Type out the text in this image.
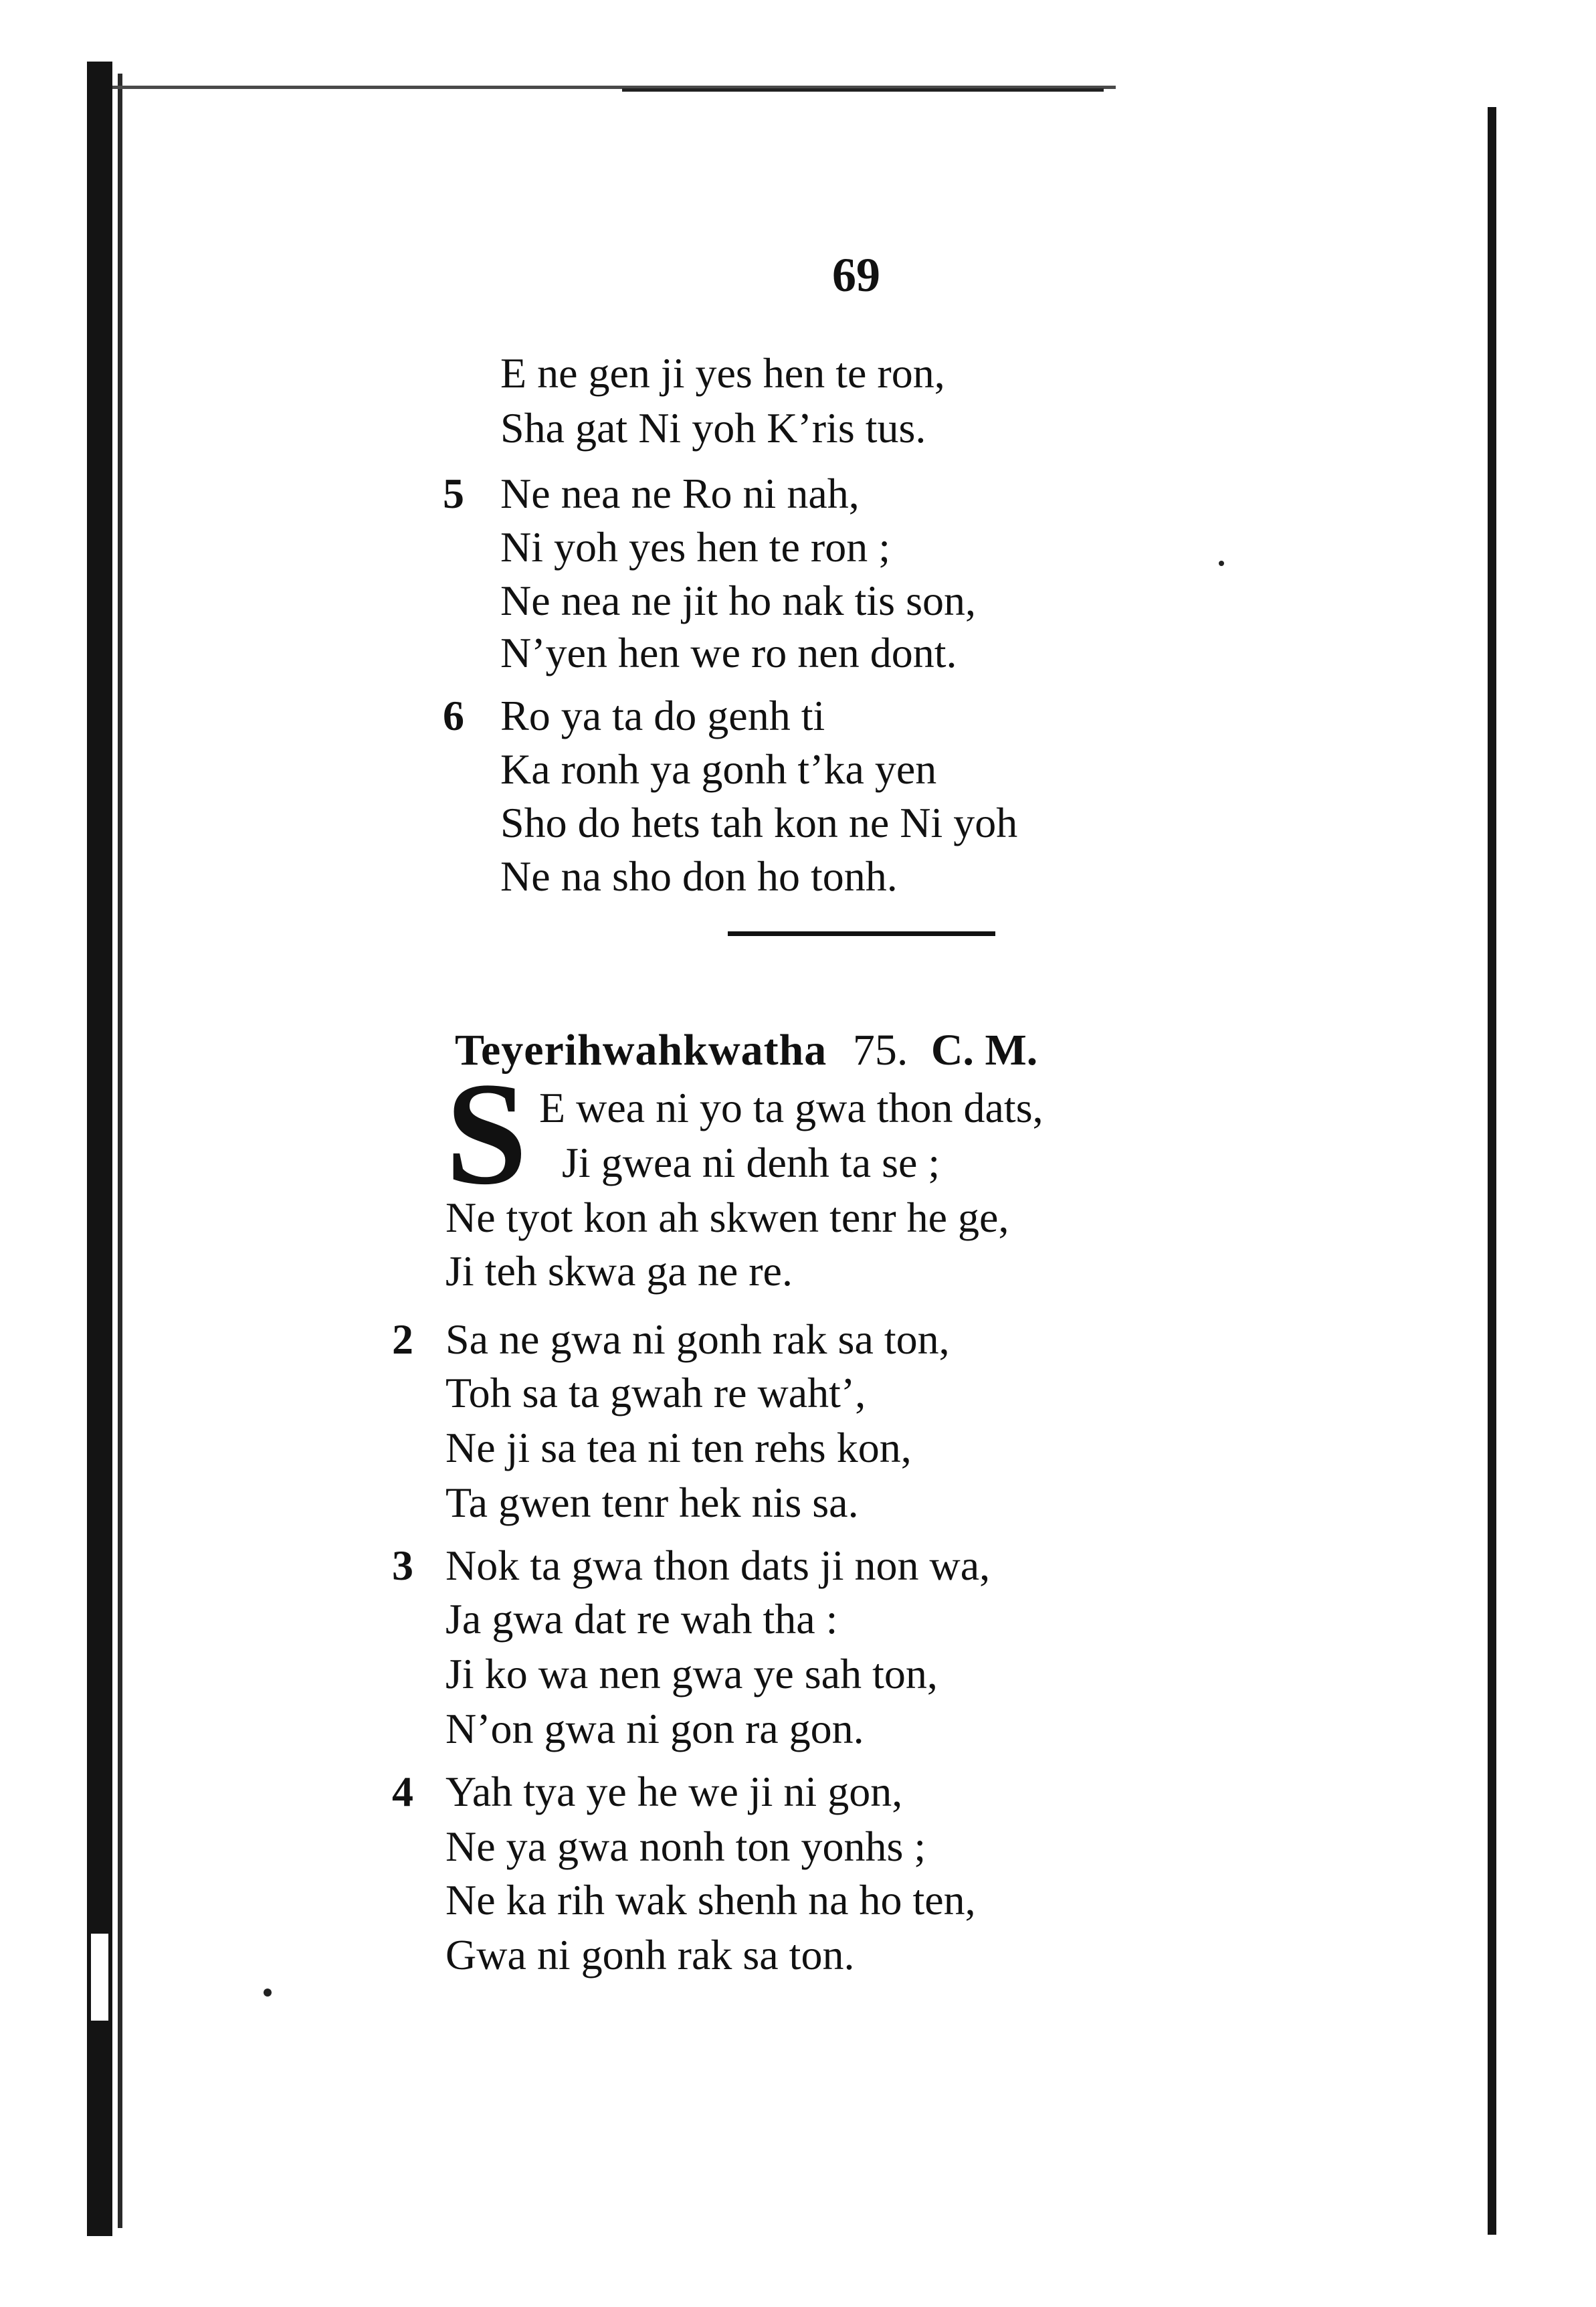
69
E ne gen ji yes hen te ron,
Sha gat Ni yoh K’ris tus.
5 Ne nea ne Ro ni nah,
Ni yoh yes hen te ron ;
Ne nea ne jit ho nak tis son,
N’yen hen we ro nen dont.
6 Ro ya ta do genh ti
Ka ronh ya gonh t’ka yen
Sho do hets tah kon ne Ni yoh
Ne na sho don ho tonh.
Teyerihwahkwatha 75. C. M.
S E wea ni yo ta gwa thon dats,
Ji gwea ni denh ta se ;
Ne tyot kon ah skwen tenr he ge,
Ji teh skwa ga ne re.
2 Sa ne gwa ni gonh rak sa ton,
Toh sa ta gwah re waht’,
Ne ji sa tea ni ten rehs kon,
Ta gwen tenr hek nis sa.
3 Nok ta gwa thon dats ji non wa,
Ja gwa dat re wah tha :
Ji ko wa nen gwa ye sah ton,
N’on gwa ni gon ra gon.
4 Yah tya ye he we ji ni gon,
Ne ya gwa nonh ton yonhs ;
Ne ka rih wak shenh na ho ten,
Gwa ni gonh rak sa ton.
